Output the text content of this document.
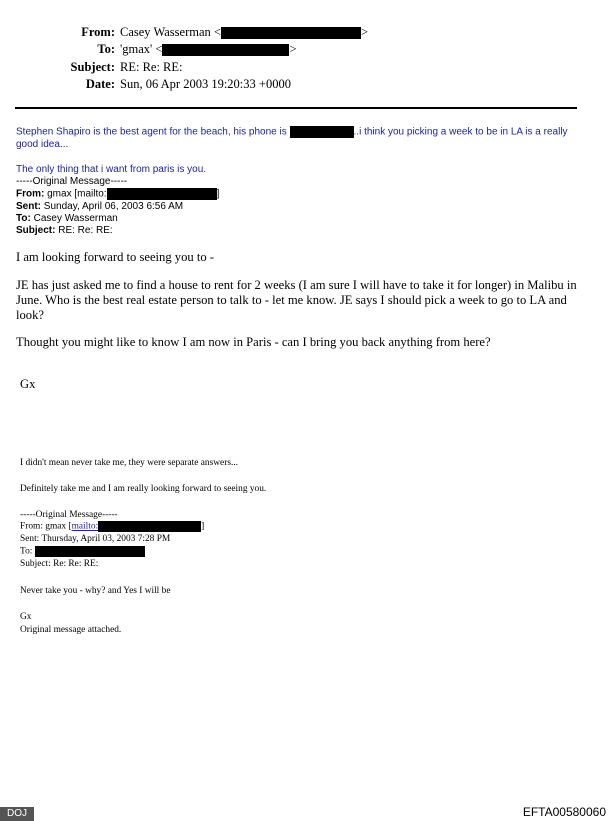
From: Casey Wasserman <	>
To: 'gmax' <	>
Subject: RE: Re: RE:
Date: Sun, 06 Apr 2003 19:20:33 +0000
Stephen Shapiro is the best agent for the beach, his phone is	..i think you picking a week to be in LA is a really
good idea...
The only thing that i want from paris is you.
-----Original Message-----
From: gmax [mailto:	]
Sent: Sunday, April 06, 2003 6:56 AM
To: Casey Wasserman
Subject: RE: Re: RE:
I am looking forward to seeing you to -
JE has just asked me to find a house to rent for 2 weeks (I am sure I will have to take it for longer) in Malibu in
June. Who is the best real estate person to talk to - let me know. JE says I should pick a week to go to LA and
look?
Thought you might like to know I am now in Paris - can I bring you back anything from here?
Gx
I didn't mean never take me, they were separate answers...
Definitely take me and I am really looking forward to seeing you.
-----Original Message-----
From: gmax [mailto:	]
Sent: Thursday, April 03, 2003 7:28 PM
To:
Subject: Re: Re: RE:
Never take you - why? and Yes I will be
Gx
Original message attached.
DOJ	EFTA00580060
